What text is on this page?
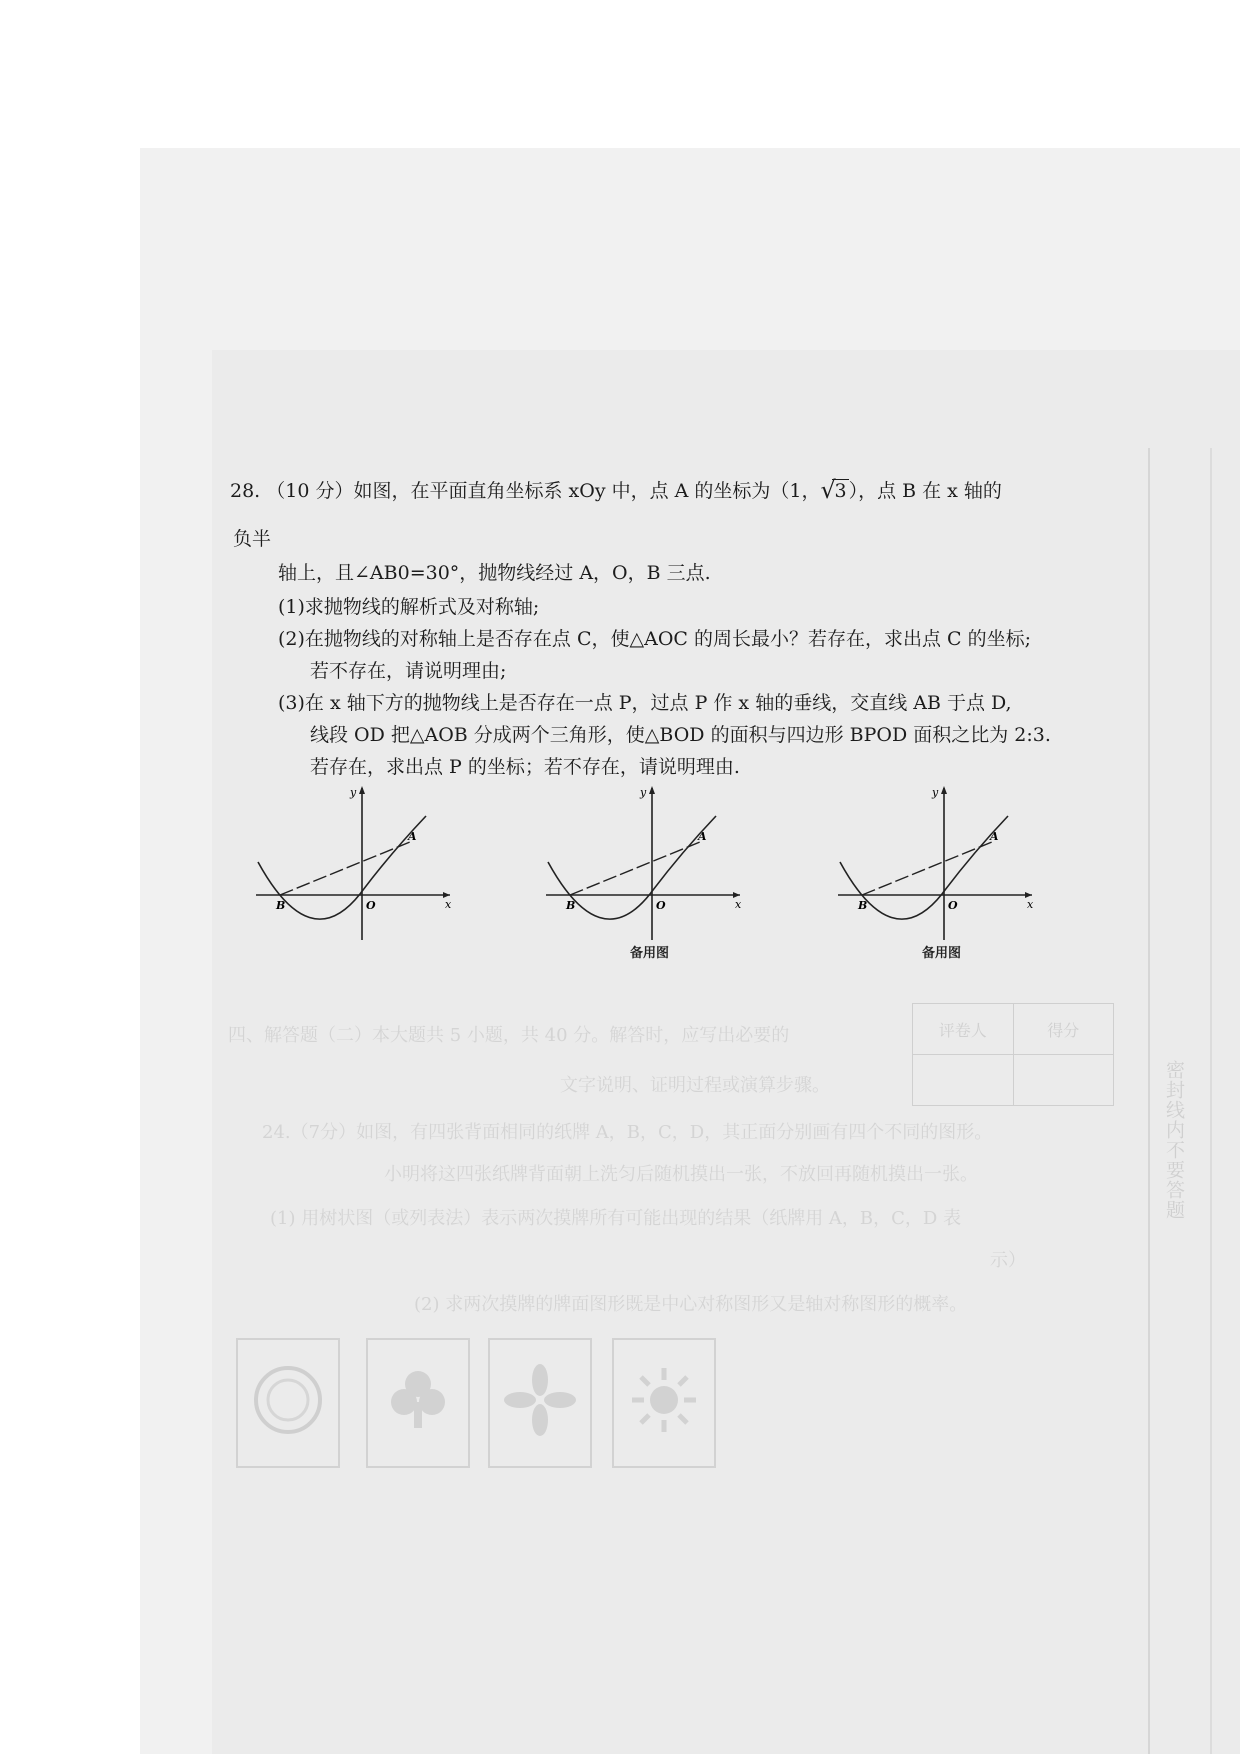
密封线内不要答题
四、解答题（二）本大题共 5 小题，共 40 分。解答时，应写出必要的
文字说明、证明过程或演算步骤。
24.（7分）如图，有四张背面相同的纸牌 A，B，C，D，其正面分别画有四个不同的图形。
小明将这四张纸牌背面朝上洗匀后随机摸出一张，不放回再随机摸出一张。
(1) 用树状图（或列表法）表示两次摸牌所有可能出现的结果（纸牌用 A，B，C，D 表
示）
(2) 求两次摸牌的牌面图形既是中心对称图形又是轴对称图形的概率。
评卷人	得分

28. （10 分）如图，在平面直角坐标系 xOy 中，点 A 的坐标为（1， √
3 ），点 B 在 x 轴的
负半
轴上，且∠AB0=30°，抛物线经过 A，O，B 三点.
(1)求抛物线的解析式及对称轴;
(2)在抛物线的对称轴上是否存在点 C，使△AOC 的周长最小？若存在，求出点 C 的坐标;
若不存在，请说明理由;
(3)在 x 轴下方的抛物线上是否存在一点 P，过点 P 作 x 轴的垂线，交直线 AB 于点 D,
线段 OD 把△AOB 分成两个三角形，使△BOD 的面积与四边形 BPOD 面积之比为 2:3.
若存在，求出点 P 的坐标；若不存在，请说明理由.
y
x
A
B	O
y
x
A
B	O
备用图
y
x
A
B	O
备用图
